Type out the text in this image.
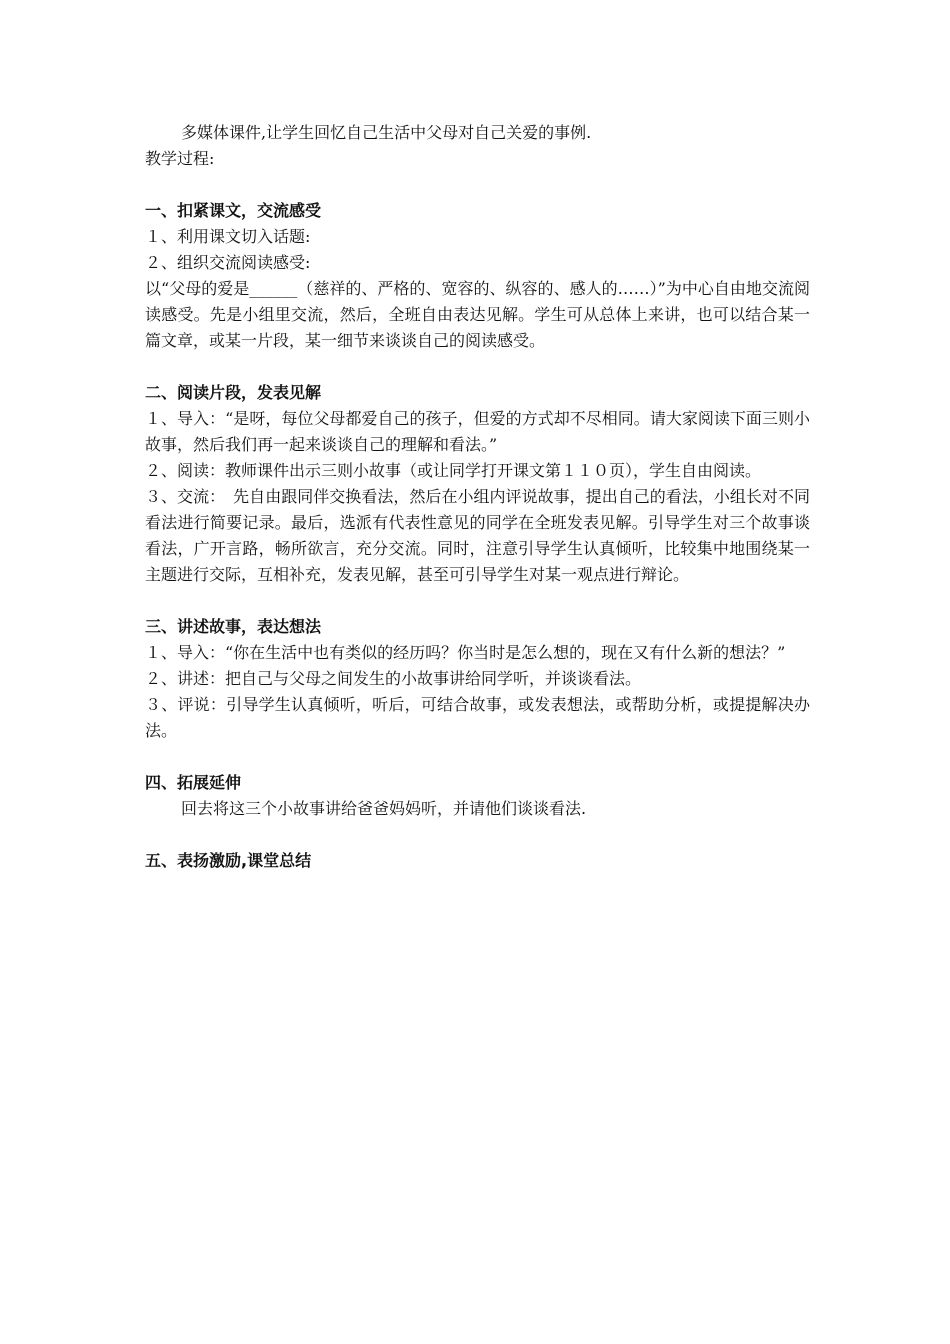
多媒体课件,让学生回忆自己生活中父母对自己关爱的事例.
教学过程:
一、扣紧课文，交流感受
１、利用课文切入话题:
２、组织交流阅读感受:
以“父母的爱是______（慈祥的、严格的、宽容的、纵容的、感人的……）”为中心自由地交流阅读感受。先是小组里交流，然后，全班自由表达见解。学生可从总体上来讲，也可以结合某一篇文章，或某一片段，某一细节来谈谈自己的阅读感受。
二、阅读片段，发表见解
１、导入：“是呀，每位父母都爱自己的孩子，但爱的方式却不尽相同。请大家阅读下面三则小故事，然后我们再一起来谈谈自己的理解和看法。”
２、阅读：教师课件出示三则小故事（或让同学打开课文第１１０页），学生自由阅读。
３、交流：　先自由跟同伴交换看法，然后在小组内评说故事，提出自己的看法，小组长对不同看法进行简要记录。最后，选派有代表性意见的同学在全班发表见解。引导学生对三个故事谈看法，广开言路，畅所欲言，充分交流。同时，注意引导学生认真倾听，比较集中地围绕某一主题进行交际，互相补充，发表见解，甚至可引导学生对某一观点进行辩论。
三、讲述故事，表达想法
１、导入：“你在生活中也有类似的经历吗？你当时是怎么想的，现在又有什么新的想法？”
２、讲述：把自己与父母之间发生的小故事讲给同学听，并谈谈看法。
３、评说：引导学生认真倾听，听后，可结合故事，或发表想法，或帮助分析，或提提解决办法。
四、拓展延伸
回去将这三个小故事讲给爸爸妈妈听，并请他们谈谈看法.
五、表扬激励,课堂总结
